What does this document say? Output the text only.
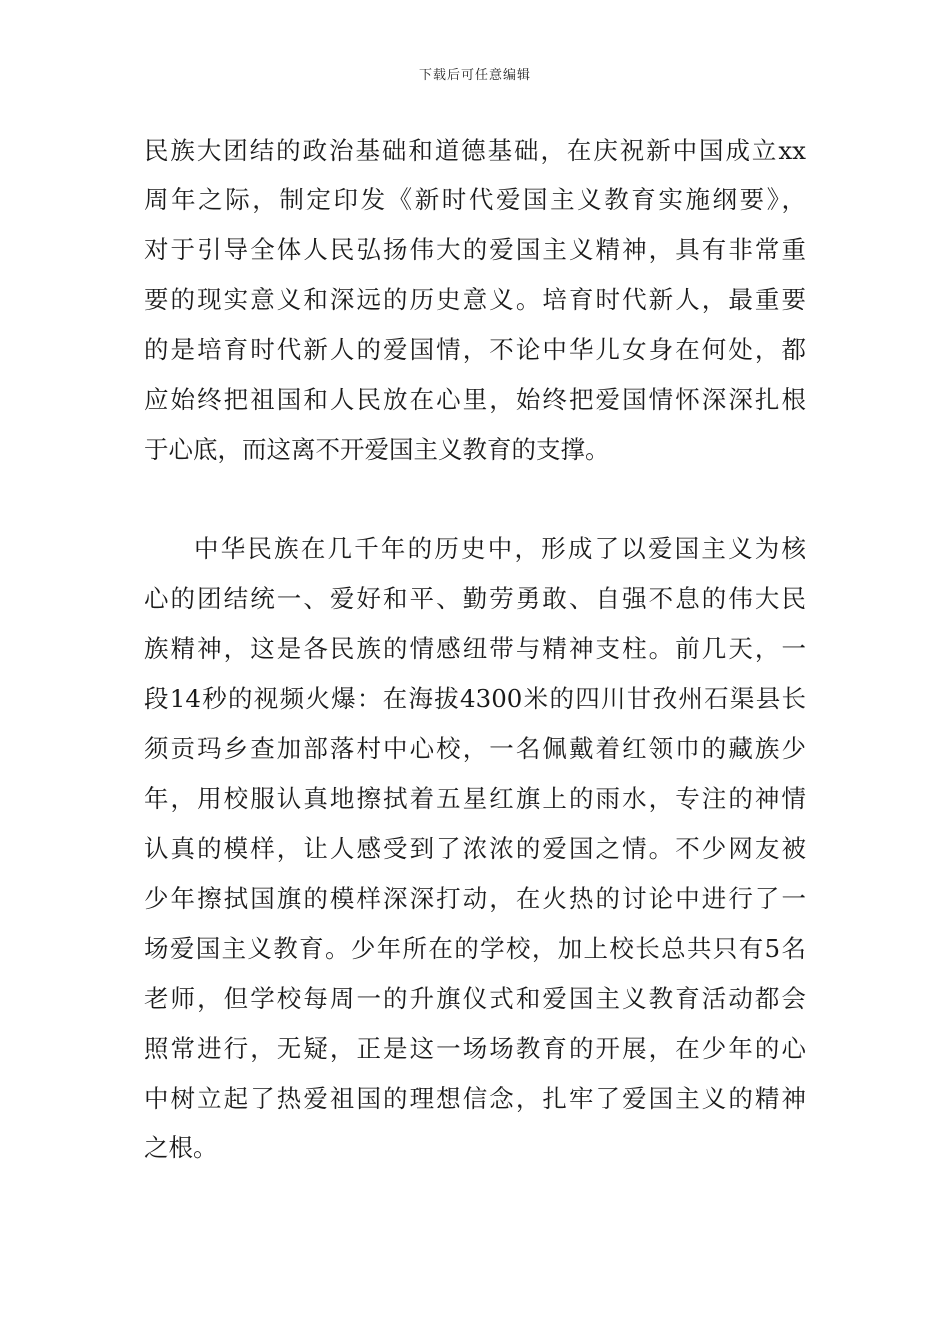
下载后可任意编辑
民族大团结的政治基础和道德基础，在庆祝新中国成立xx
周年之际，制定印发《新时代爱国主义教育实施纲要》，
对于引导全体人民弘扬伟大的爱国主义精神，具有非常重
要的现实意义和深远的历史意义。培育时代新人，最重要
的是培育时代新人的爱国情，不论中华儿女身在何处，都
应始终把祖国和人民放在心里，始终把爱国情怀深深扎根
于心底，而这离不开爱国主义教育的支撑。
中华民族在几千年的历史中，形成了以爱国主义为核
心的团结统一、爱好和平、勤劳勇敢、自强不息的伟大民
族精神，这是各民族的情感纽带与精神支柱。前几天，一
段14秒的视频火爆：在海拔4300米的四川甘孜州石渠县长
须贡玛乡查加部落村中心校，一名佩戴着红领巾的藏族少
年，用校服认真地擦拭着五星红旗上的雨水，专注的神情
认真的模样，让人感受到了浓浓的爱国之情。不少网友被
少年擦拭国旗的模样深深打动，在火热的讨论中进行了一
场爱国主义教育。少年所在的学校，加上校长总共只有5名
老师，但学校每周一的升旗仪式和爱国主义教育活动都会
照常进行，无疑，正是这一场场教育的开展，在少年的心
中树立起了热爱祖国的理想信念，扎牢了爱国主义的精神
之根。
